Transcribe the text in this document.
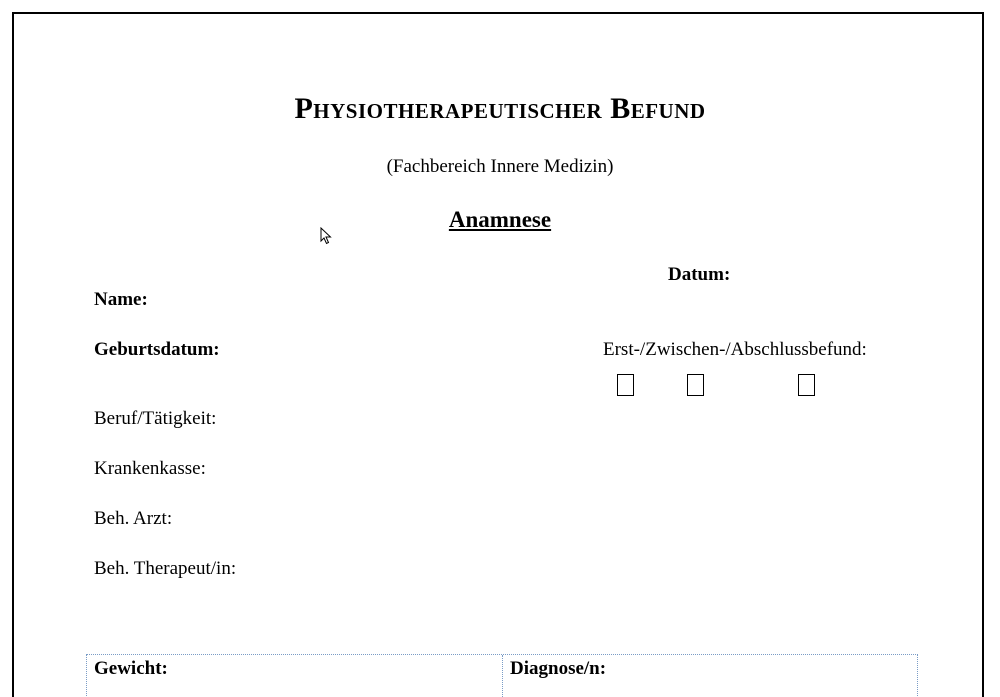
Physiotherapeutischer Befund
(Fachbereich Innere Medizin)
Anamnese
Datum:
Name:
Geburtsdatum:	Erst-/Zwischen-/Abschlussbefund:
Beruf/Tätigkeit:
Krankenkasse:
Beh. Arzt:
Beh. Therapeut/in:
Gewicht:	Diagnose/n:
